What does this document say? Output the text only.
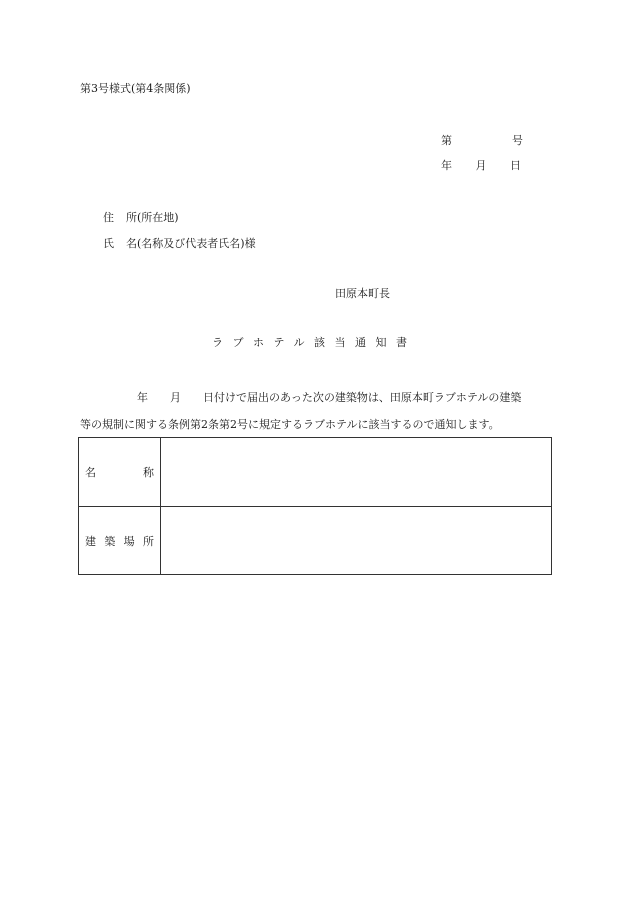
第3号様式(第4条関係)
第	号
年 月 日
住 所(所在地)
氏 名(名称及び代表者氏名)様
田原本町長
ラブホテル該当通知書
年 月 日付けで届出のあった次の建築物は、田原本町ラブホテルの建築
等の規制に関する条例第2条第2号に規定するラブホテルに該当するので通知します。
名 称	

建 築 場 所	
